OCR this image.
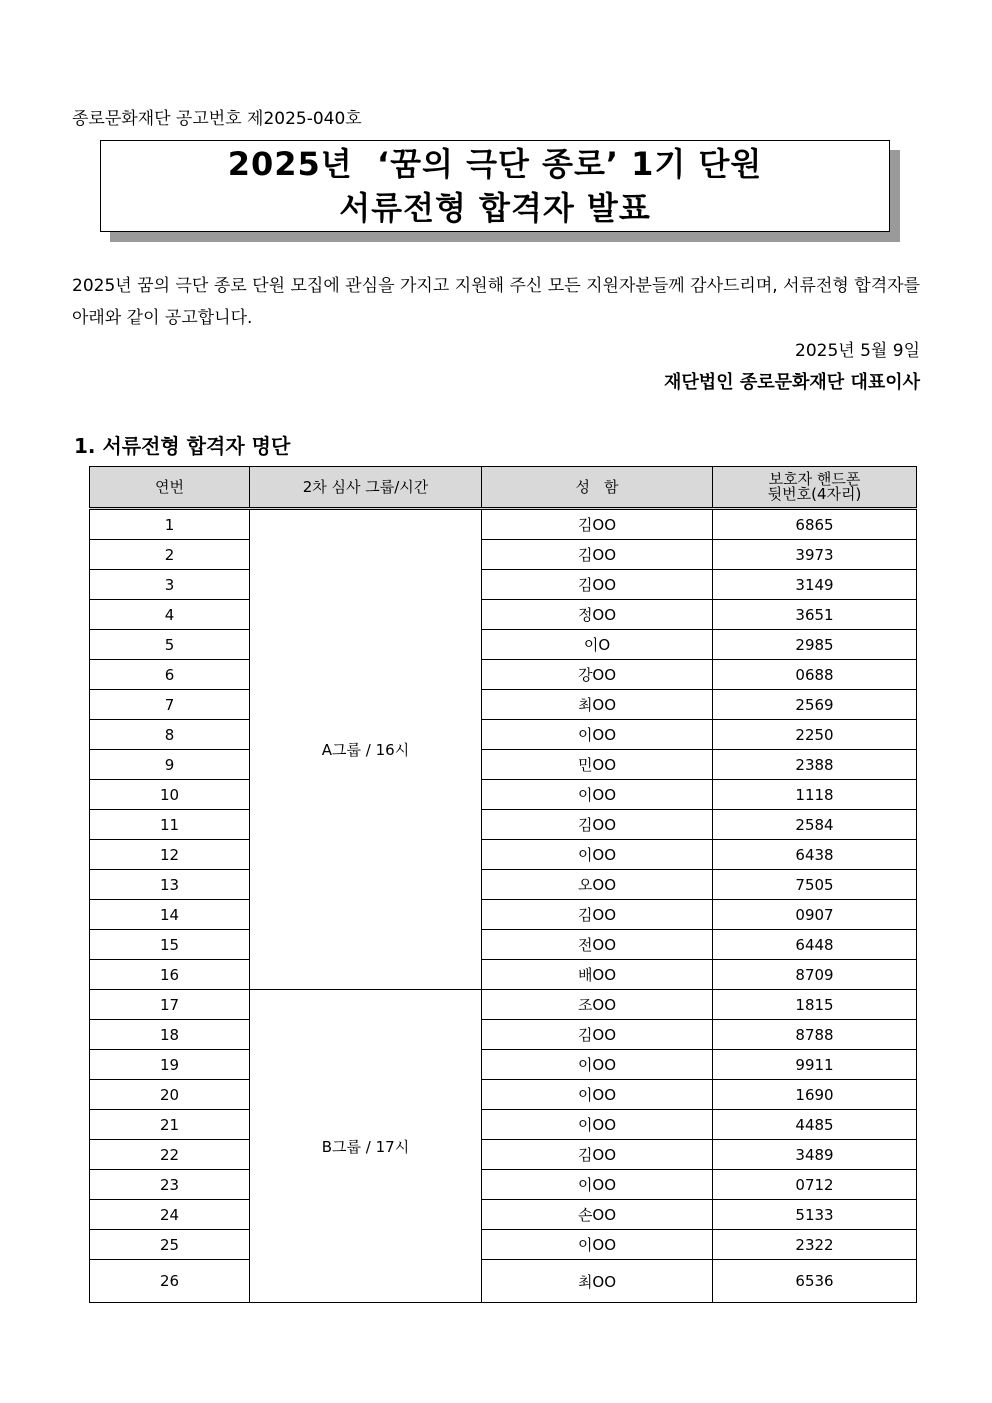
종로문화재단 공고번호 제2025-040호
2025년  ‘꿈의 극단 종로’ 1기 단원
서류전형 합격자 발표
2025년 꿈의 극단 종로 단원 모집에 관심을 가지고 지원해 주신 모든 지원자분들께 감사드리며, 서류전형 합격자를 아래와 같이 공고합니다.
2025년 5월 9일
재단법인 종로문화재단 대표이사
1. 서류전형 합격자 명단
연번	2차 심사 그룹/시간	성함	보호자 핸드폰
뒷번호(4자리)
1	A그룹 / 16시	김OO	6865
2		김OO	3973
3		김OO	3149
4		정OO	3651
5		이O	2985
6		강OO	0688
7		최OO	2569
8		이OO	2250
9		민OO	2388
10		이OO	1118
11		김OO	2584
12		이OO	6438
13		오OO	7505
14		김OO	0907
15		전OO	6448
16		배OO	8709
17	B그룹 / 17시	조OO	1815
18		김OO	8788
19		이OO	9911
20		이OO	1690
21		이OO	4485
22		김OO	3489
23		이OO	0712
24		손OO	5133
25		이OO	2322
26		최OO	6536
